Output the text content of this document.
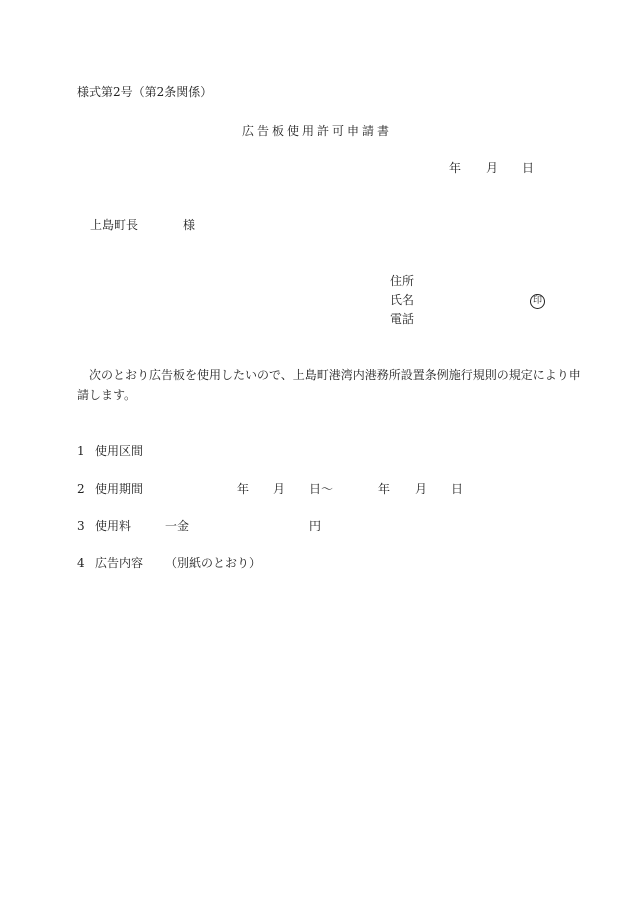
様式第2号（第2条関係）
広告板使用許可申請書
年 月 日
上島町長	様
住所
氏名	印
電話
次のとおり広告板を使用したいので、上島町港湾内港務所設置条例施行規則の規定により申請します。
1 使用区間
2 使用期間	年 月 日～	年 月 日
3 使用料	一金	円
4 広告内容 （別紙のとおり）
